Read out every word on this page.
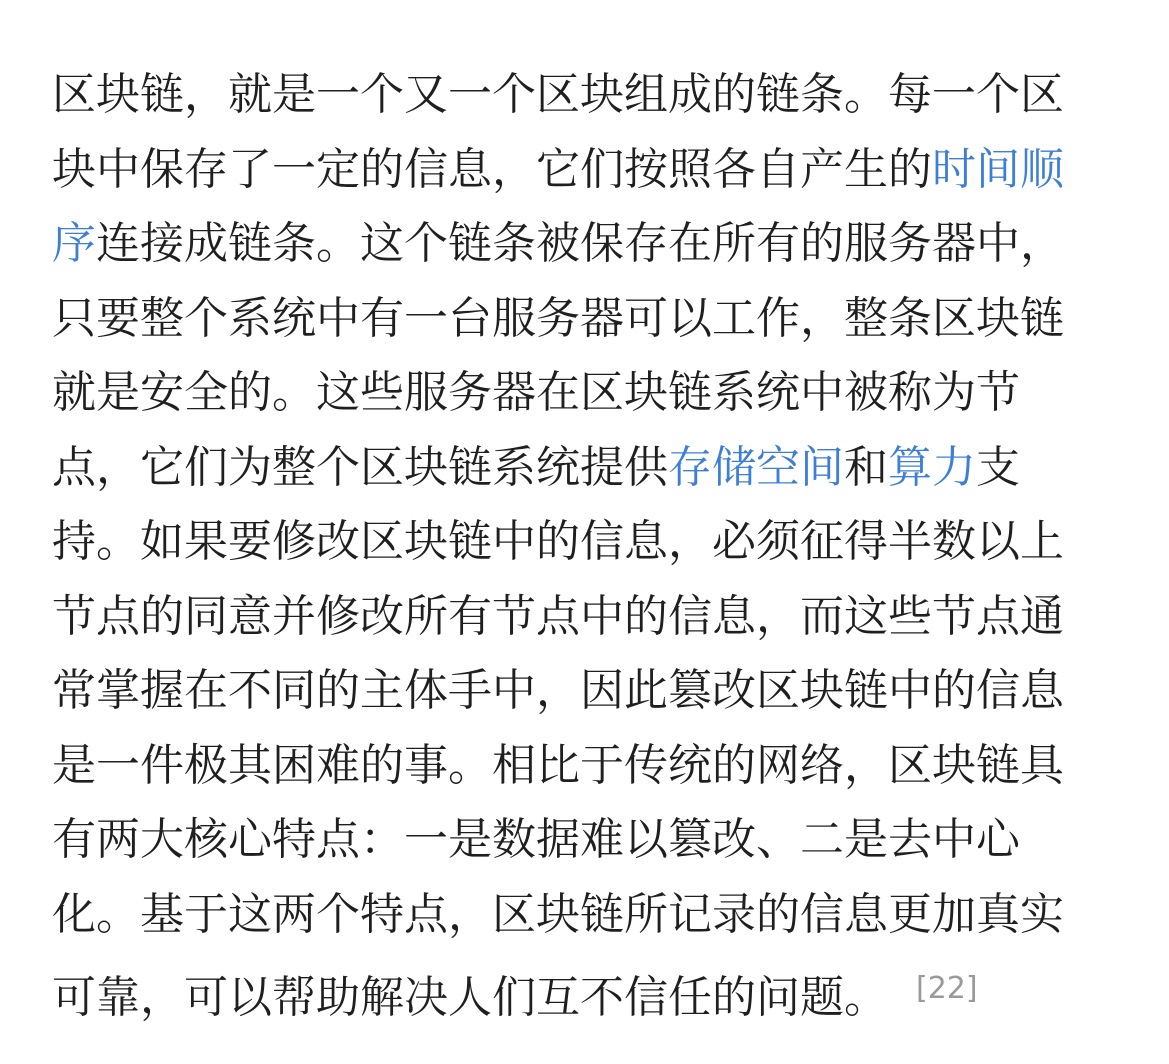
区块链，就是一个又一个区块组成的链条。每一个区
块中保存了一定的信息，它们按照各自产生的时间顺
序连接成链条。这个链条被保存在所有的服务器中，
只要整个系统中有一台服务器可以工作，整条区块链
就是安全的。这些服务器在区块链系统中被称为节
点，它们为整个区块链系统提供存储空间和算力支
持。如果要修改区块链中的信息，必须征得半数以上
节点的同意并修改所有节点中的信息，而这些节点通
常掌握在不同的主体手中，因此篡改区块链中的信息
是一件极其困难的事。相比于传统的网络，区块链具
有两大核心特点：一是数据难以篡改、二是去中心
化。基于这两个特点，区块链所记录的信息更加真实
可靠，可以帮助解决人们互不信任的问题。 [22]
